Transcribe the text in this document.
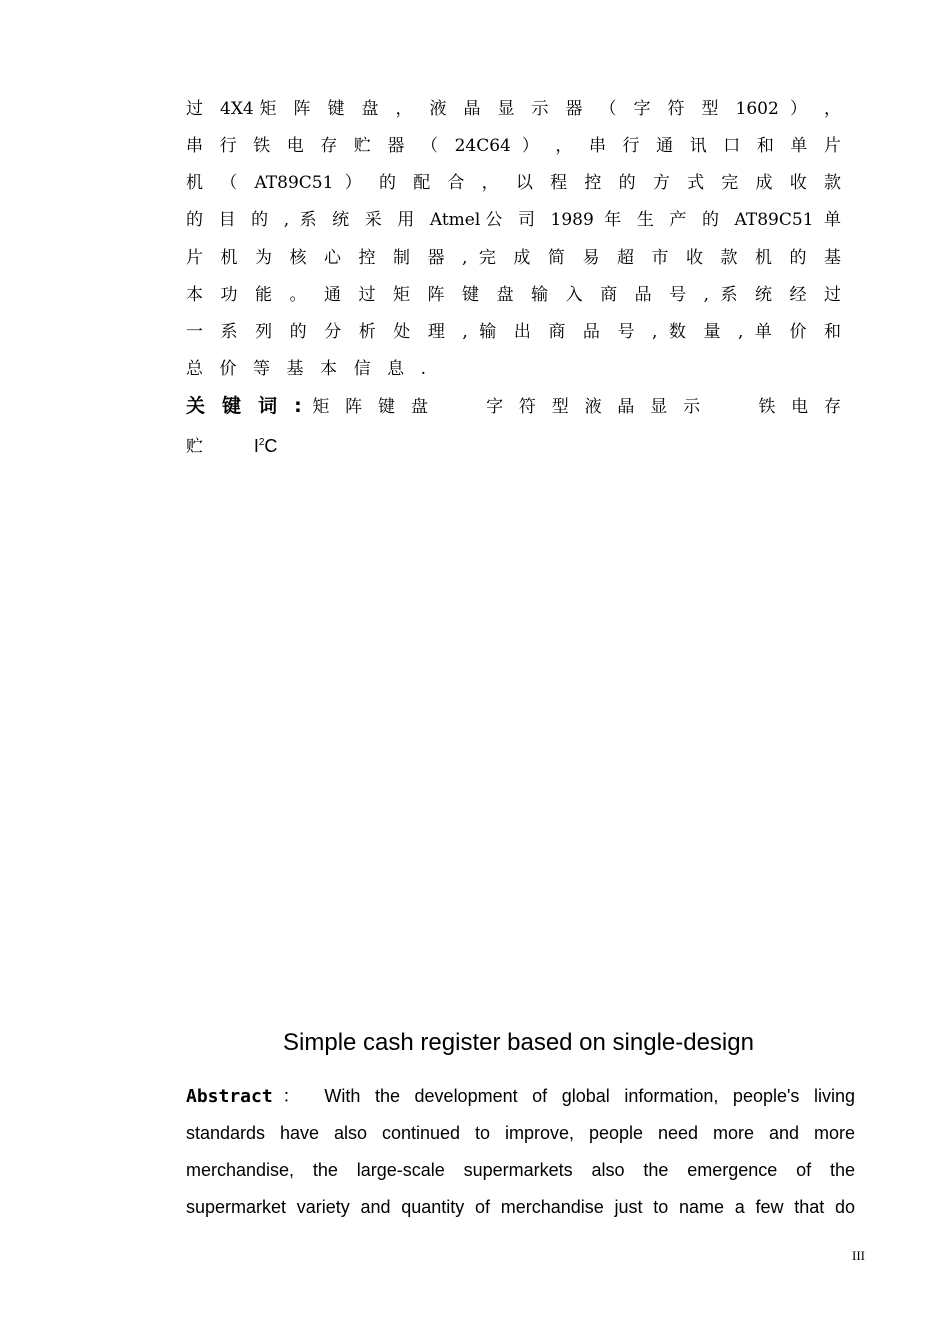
过 4X4矩 阵 键 盘 ， 液 晶 显 示 器 （ 字 符 型 1602 ） ，
串 行 铁 电 存 贮 器 （ 24C64 ） ， 串 行 通 讯 口 和 单 片
机 （ AT89C51 ） 的 配 合 ， 以 程 控 的 方 式 完 成 收 款
的 目 的 , 系 统 采 用 Atmel公 司 1989 年 生 产 的 AT89C51 单
片 机 为 核 心 控 制 器 , 完 成 简 易 超 市 收 款 机 的 基
本 功 能 。 通 过 矩 阵 键 盘 输 入 商 品 号 , 系 统 经 过
一 系 列 的 分 析 处 理 , 输 出 商 品 号 , 数 量 , 单 价 和
总 价 等 基 本 信 息 .
关 键 词 : 矩 阵 键 盘     字 符 型 液 晶 显 示     铁 电 存
贮	$I^2C$
Simple cash register based on single-design
Abstract： With the development of global information, people's living
standards have also continued to improve, people need more and more
merchandise, the large-scale supermarkets also the emergence of the
supermarket variety and quantity of merchandise just to name a few that do
III
